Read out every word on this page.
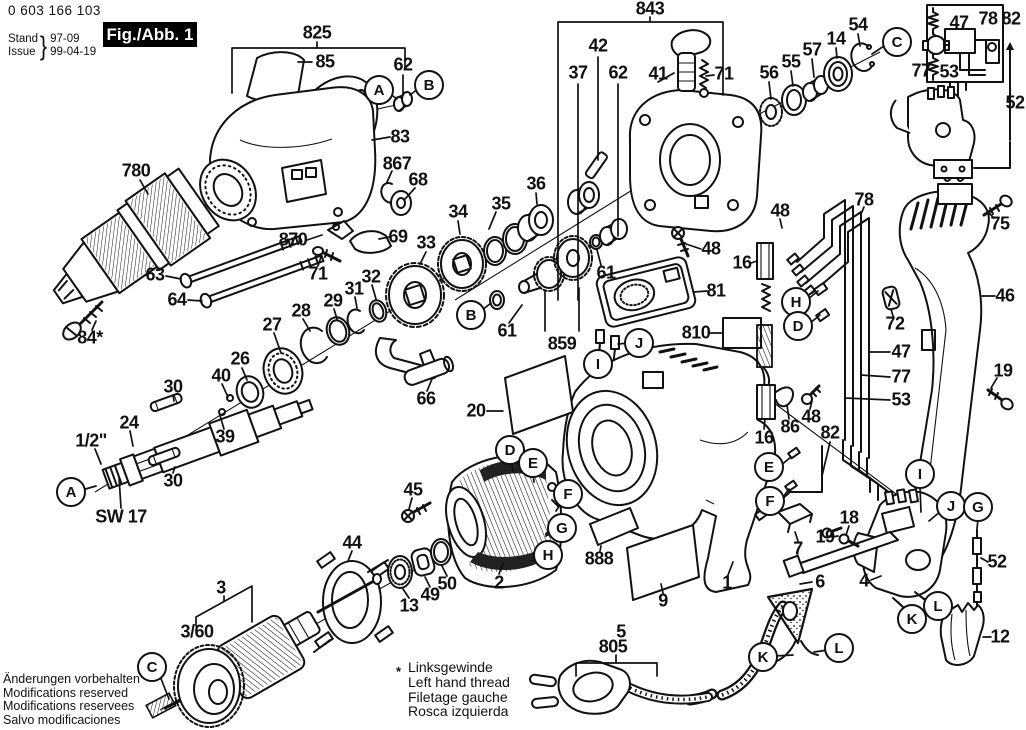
0 603 166 103
Stand
Issue } 97-09
99-04-19
Fig./Abb. 1	825
85	62
83
867
68
780
870	69
71
63
64
84*
33
34 35
36
32
31
29
28
27
26
40
30
24
1/2"	39
30
SW 17
843
37
42
62 41	71 56
55
57
14
54	47 78 82
77 53
52
75
46
19
48
16
78
48
81
810
61
61
859
66
20
72
47
77
53
86 48
16	82
18
19
7
4
6
1
52
12
45
44
13
49
50 2
3
3/60
888
9
5
805
A	B
A
B
C
C
D
E
F
G
H
H
D
E
F
I
J
I
J	G
K
L
K
L
Änderungen vorbehalten
Modifications reserved
Modifications reservees
Salvo modificaciones
* Linksgewinde
Left hand thread
Filetage gauche
Rosca izquierda
